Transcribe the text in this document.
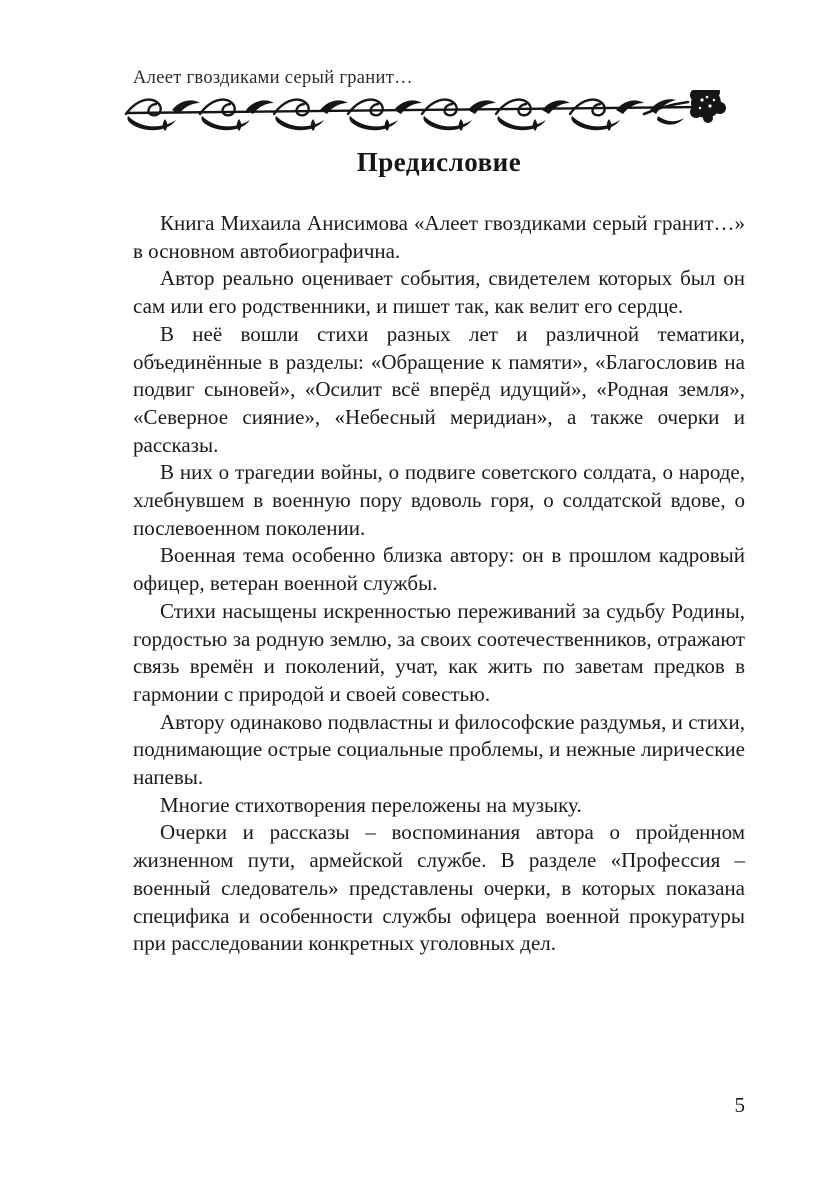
Алеет гвоздиками серый гранит…
Предисловие

Книга Михаила Анисимова «Алеет гвоздиками серый гранит…» в основном автобиографична.

Автор реально оценивает события, свидетелем которых был он сам или его родственники, и пишет так, как велит его сердце.

В неё вошли стихи разных лет и различной тематики, объединённые в разделы: «Обращение к памяти», «Благословив на подвиг сыновей», «Осилит всё вперёд идущий», «Родная земля», «Северное сияние», «Небесный меридиан», а также очерки и рассказы.

В них о трагедии войны, о подвиге советского солдата, о народе, хлебнувшем в военную пору вдоволь горя, о солдатской вдове, о послевоенном поколении.

Военная тема особенно близка автору: он в прошлом кадровый офицер, ветеран военной службы.

Стихи насыщены искренностью переживаний за судьбу Родины, гордостью за родную землю, за своих соотечественников, отражают связь времён и поколений, учат, как жить по заветам предков в гармонии с природой и своей совестью.

Автору одинаково подвластны и философские раздумья, и стихи, поднимающие острые социальные проблемы, и нежные лирические напевы.

Многие стихотворения переложены на музыку.

Очерки и рассказы – воспоминания автора о пройденном жизненном пути, армейской службе. В разделе «Профессия – военный следователь» представлены очерки, в которых показана специфика и особенности службы офицера военной прокуратуры при расследовании конкретных уголовных дел.

5
